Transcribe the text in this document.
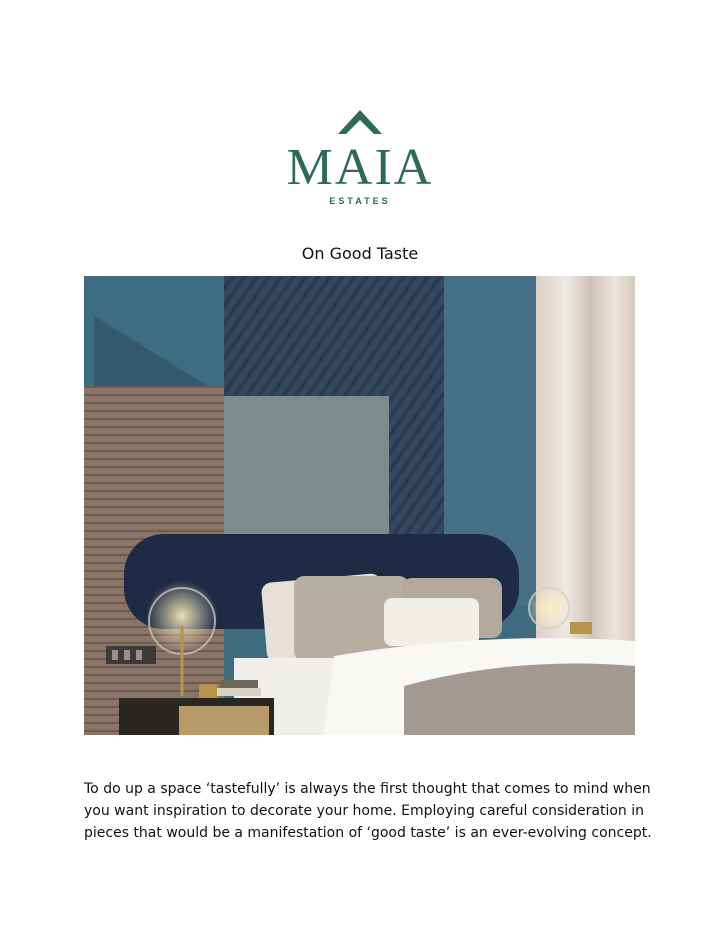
MAIA
ESTATES
On Good Taste
To do up a space ‘tastefully’ is always the first thought that comes to mind when
you want inspiration to decorate your home. Employing careful consideration in
pieces that would be a manifestation of ‘good taste’ is an ever-evolving concept.
